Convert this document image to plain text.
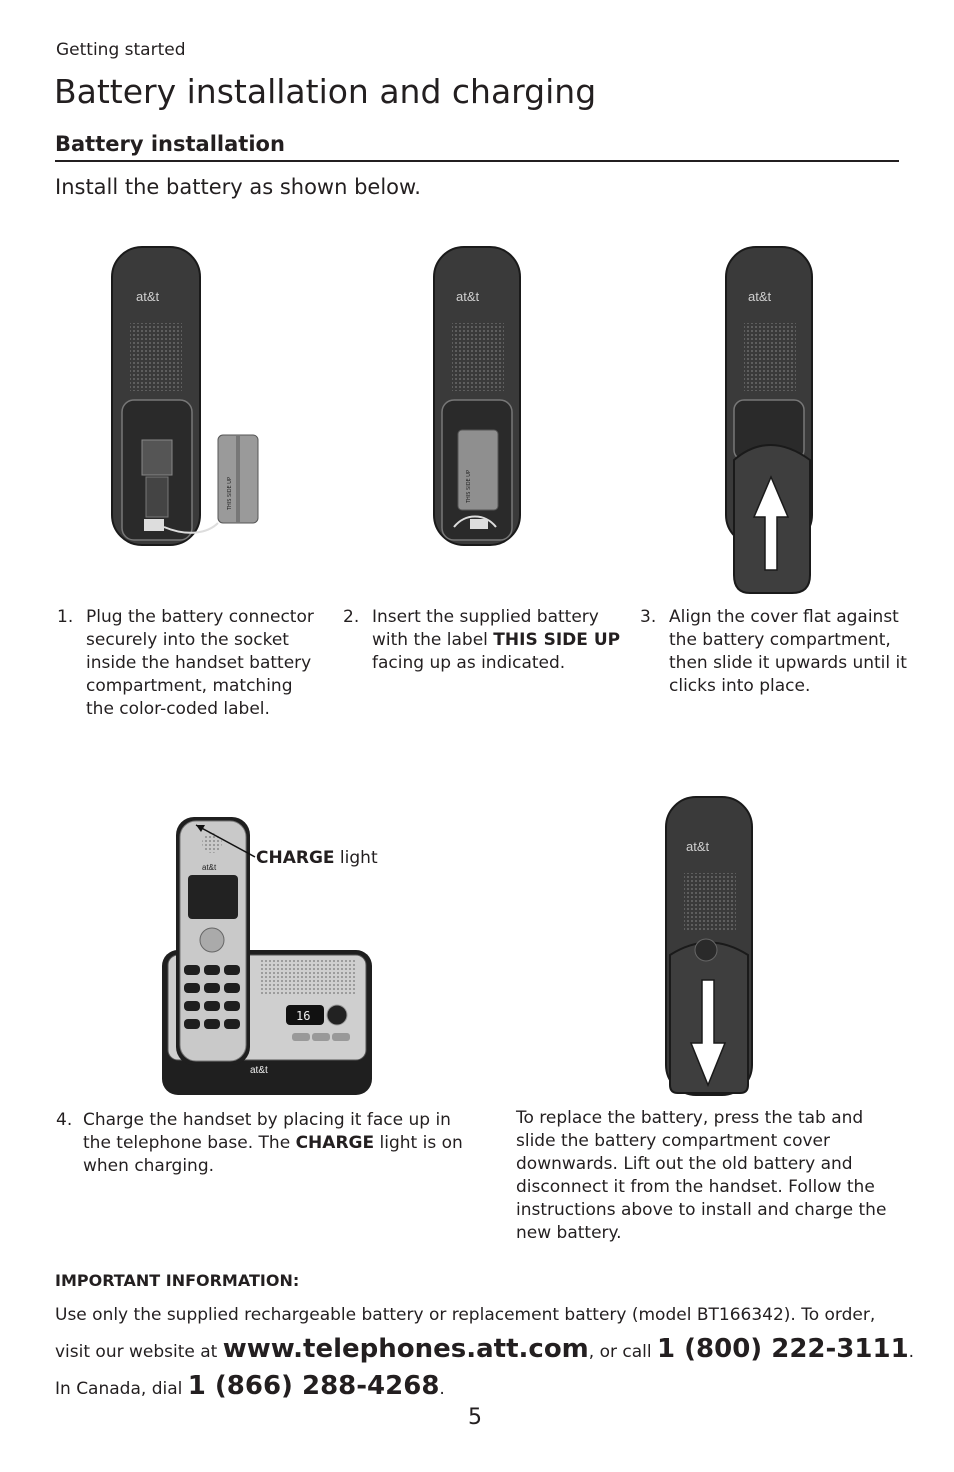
Getting started
Battery installation and charging
Battery installation
Install the battery as shown below.
at&t
THIS SIDE UP
at&t
THIS SIDE UP
at&t
1. Plug the battery connector securely into the socket inside the handset battery compartment, matching the color-coded label.
2. Insert the supplied battery with the label THIS SIDE UP facing up as indicated.
3. Align the cover flat against the battery compartment, then slide it upwards until it clicks into place.
16
at&t
at&t CHARGE light
at&t
4. Charge the handset by placing it face up in the telephone base. The CHARGE light is on when charging.
To replace the battery, press the tab and slide the battery compartment cover downwards. Lift out the old battery and disconnect it from the handset. Follow the instructions above to install and charge the new battery.
IMPORTANT INFORMATION:
Use only the supplied rechargeable battery or replacement battery (model BT166342). To order,
visit our website at www.telephones.att.com, or call 1 (800) 222-3111.
In Canada, dial 1 (866) 288-4268.
5
